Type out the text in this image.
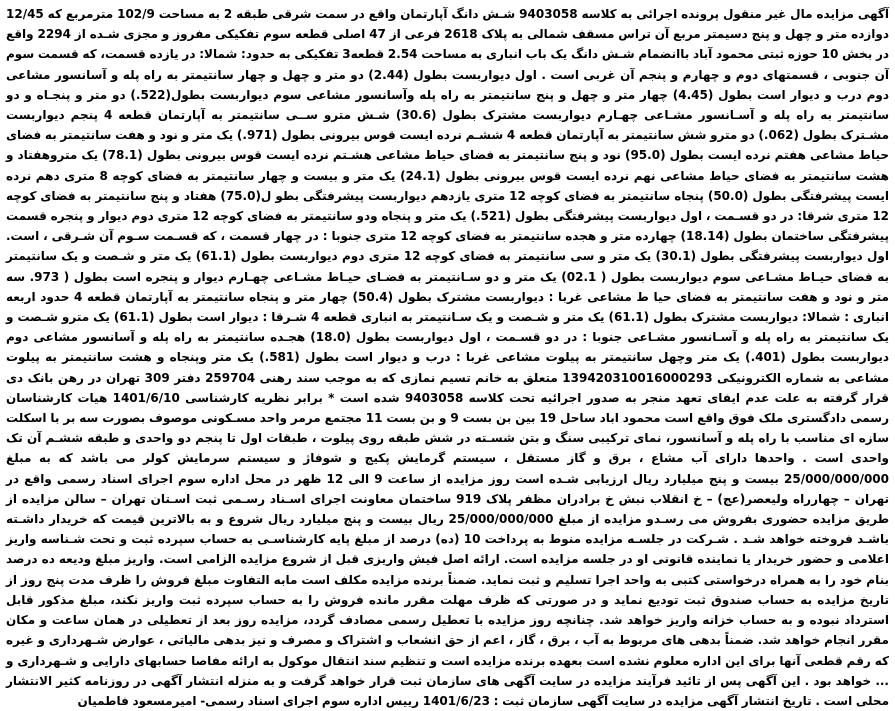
آگهی مزایده مال غیر منقول پرونده اجرائی به کلاسه 9403058 شـش دانگ آپارتمان واقع در سمت شرقی طبقه 2 به مساحت 102/9 مترمربع که 12/45 دوازده متر و چهل و پنج دسیمتر مربع آن تراس مسقف شمالی به پلاک 2618 فرعی از 47 اصلی قطعه سوم تفکیکی مفروز و مجزی شـده از 2294 واقع در بخش 10 حوزه ثبتی محمود آباد باانضمام شـش دانگ یک باب انباری به مساحت 2.54 قطعه3 تفکیکی به حدود: شمالا: در یازده قسمت، که قسمت سوم آن جنوبی ، قسمتهای دوم و چهارم و پنجم آن غربی است . اول دیواربست بطول (2.44) دو متر و چهل و چهار سانتیمتر به راه پله و آسانسور مشاعی دوم درب و دیوار است بطول (4.45) چهار متر و چهل و پنج سانتیمتر به راه پله وآسانسور مشاعی سوم دیواربست بطول(522.) دو متر و پنجـاه و دو سانتیمتر به راه پله و آسـانسور مشـاعی چهـارم دیواربست مشترک بطول (30.6) شـش مترو ســی سانتیمتر به آپارتمان قطعه 4 پنجم دیواربست مشـترک بطول (062.) دو مترو شش سانتیمتر به آپارتمان قطعه 4 ششـم نرده ایست قوس بیرونی بطول (971.) یک متر و نود و هفت سانتیمتر به فضای حیاط مشاعی هفتم نرده ایست بطول (95.0) نود و پنج سانتیمتر به فضای حیاط مشاعی هشـتم نرده ایست قوس بیرونی بطول (78.1) یک متروهفتاد و هشت سانتیمتر به فضای حیاط مشاعی نهم نرده ایست قوس بیرونی بطول (24.1) یک متر و بیست و چهار سانتیمتر به فضای کوچه 8 متری دهم نرده ایست پیشرفتگی بطول (50.0) پنجاه سانتیمتر به فضای کوچه 12 متری یازدهم دیواربست پیشرفتگی بطو ل(75.0) هفتاد و پنج سانتیمتر به فضای کوچه 12 متری شرقا: در دو قسـمت ، اول دیواربست پیشرفتگی بطول (521.) یک متر و پنجاه ودو سانتیمتر به فضای کوچه 12 متری دوم دیوار و پنجره قسمت پیشرفتگی ساختمان بطول (18.14) چهارده متر و هجده سانتیمتر به فضای کوچه 12 متری جنوبا : در چهار قسمت ، که قسـمت سـوم آن شـرقی ، است. اول دیواربست پیشرفتگی بطول (30.1) یک متر و سی سانتیمتر به فضای کوچه 12 متری دوم دیواربست بطول (61.1) یک متر و شـصت و یک سانتیمتر به فضای حیـاط مشـاعی سوم دیواربست بطول ( 02.1) یک متر و دو سـانتیمتر به فضـای حیـاط مشـاعی چهـارم دیوار و پنجره است بطول ( 973. سه متر و نود و هفت سانتیمتر به فضای حیا ط مشاعی غربا : دیواربست مشترک بطول (50.4) چهار متر و پنجاه سانتیمتر به آپارتمان قطعه 4 حدود اربعه انباری : شمالا: دیواربست مشترک بطول (61.1) یک متر و شـصت و یک سـانتیمتر به انباری قطعه 4 شـرقا : دیوار است بطول (61.1) یک مترو شـصت و یک سانتیمتر به راه پله و آسـانسور مشـاعی جنوبا : در دو قسـمت ، اول دیواربست بطول (18.0) هجـده سانتیمتر به راه پله و آسانسور مشاعی دوم دیواربست بطول (401.) یک متر وچهل سانتیمتر به پیلوت مشاعی غربا : درب و دیوار است بطول (581.) یک متر وپنجاه و هشت سانتیمتر به پیلوت مشاعی به شماره الکترونیکی 139420310016000293 متعلق به خانم تسیم نمازی که به موجب سند رهنی 259704 دفتر 309 تهران در رهن بانک دی قرار گرفته به علت عدم ایفای تعهد منجر به صدور اجرائیه تحت کلاسه 9403058 شده است * برابر نظریه کارشناسی 1401/6/10 هیات کارشناسان رسمی دادگستری ملک فوق واقع است محمود اباد ساحل 19 بین بن بست 9 و بن بست 11 مجتمع مرمر واحد مسـکونی موصوف بصورت سه بر با اسکلت سازه ای مناسب با راه پله و آسانسور، نمای ترکیبی سنگ و بتن شسـته در شش طبقه روی پیلوت ، طبقات اول تا پنجم دو واحدی و طبقه ششـم آن تک واحدی است . واحدها دارای آب مشاع ، برق و گاز مستقل ، سیستم گرمایش پکیج و شوفاژ و سیستم سرمایش کولر می باشد که به مبلغ 25/000/000/000 بیست و پنج میلیارد ریال ارزیابی شـده است روز مزایده از ساعت 9 الی 12 ظهر در محل اداره سوم اجرای اسناد رسمی واقع در تهران – چهارراه ولیعصر(عج) – خ انقلاب نبش خ برادران مظفر پلاک 919 ساختمان معاونت اجرای اسـناد رسـمی ثبت اسـتان تهران – سالن مزایده از طریق مزایده حضوری بفروش می رسـدو مزایده از مبلغ 25/000/000/000 ریال بیست و پنج میلیارد ریال شروع و به بالاترین قیمت که خریدار داشـته باشـد فروخته خواهد شـد . شـرکت در جلسـه مزایده منوط به پرداخت 10 (ده) درصد از مبلغ پایه کارشناسـی به حساب سپرده ثبت و تحت شـناسه واریز اعلامی و حضور خریدار یا نماینده قانونی او در جلسه مزایده است. ارائه اصل فیش واریزی قبل از شروع مزایده الزامی است. واریز مبلغ ودیعه ده درصد بنام خود را به همراه درخواستی کتبی به واحد اجرا تسلیم و ثبت نماید. ضمناً برنده مزایده مکلف است مابه التفاوت مبلغ فروش را ظرف مدت پنج روز از تاریخ مزایده به حساب صندوق ثبت تودیع نماید و در صورتی که ظرف مهلت مقرر مانده فروش را به حساب سپرده ثبت واریز نکند، مبلغ مذکور قابل استرداد نبوده و به حساب خزانه واریز خواهد شد. چنانچه روز مزایده با تعطیل رسمی مصادف گردد، مزایده روز بعد از تعطیلی در همان ساعت و مکان مقرر انجام خواهد شد. ضمناً بدهی های مربوط به آب ، برق ، گاز ، اعم از حق انشعاب و اشتراک و مصرف و نیز بدهی مالیاتی ، عوارض شـهرداری و غیره که رقم قطعی آنها برای این اداره معلوم نشده است بعهده برنده مزایده است و تنظیم سند انتقال موکول به ارائه مفاصا حسابهای دارایی و شـهرداری و ... خواهد بود . این آگهی پس از تائید فرآیند مزایده در سایت آگهی های سازمان ثبت قرار خواهد گرفت و به منزله انتشار آگهی در روزنامه کثیر الانتشار محلی است . تاریخ انتشار آگهی مزایده در سایت آگهی سازمان ثبت : 1401/6/23 رییس اداره سوم اجرای اسناد رسمی- امیرمسعود فاطمیان
